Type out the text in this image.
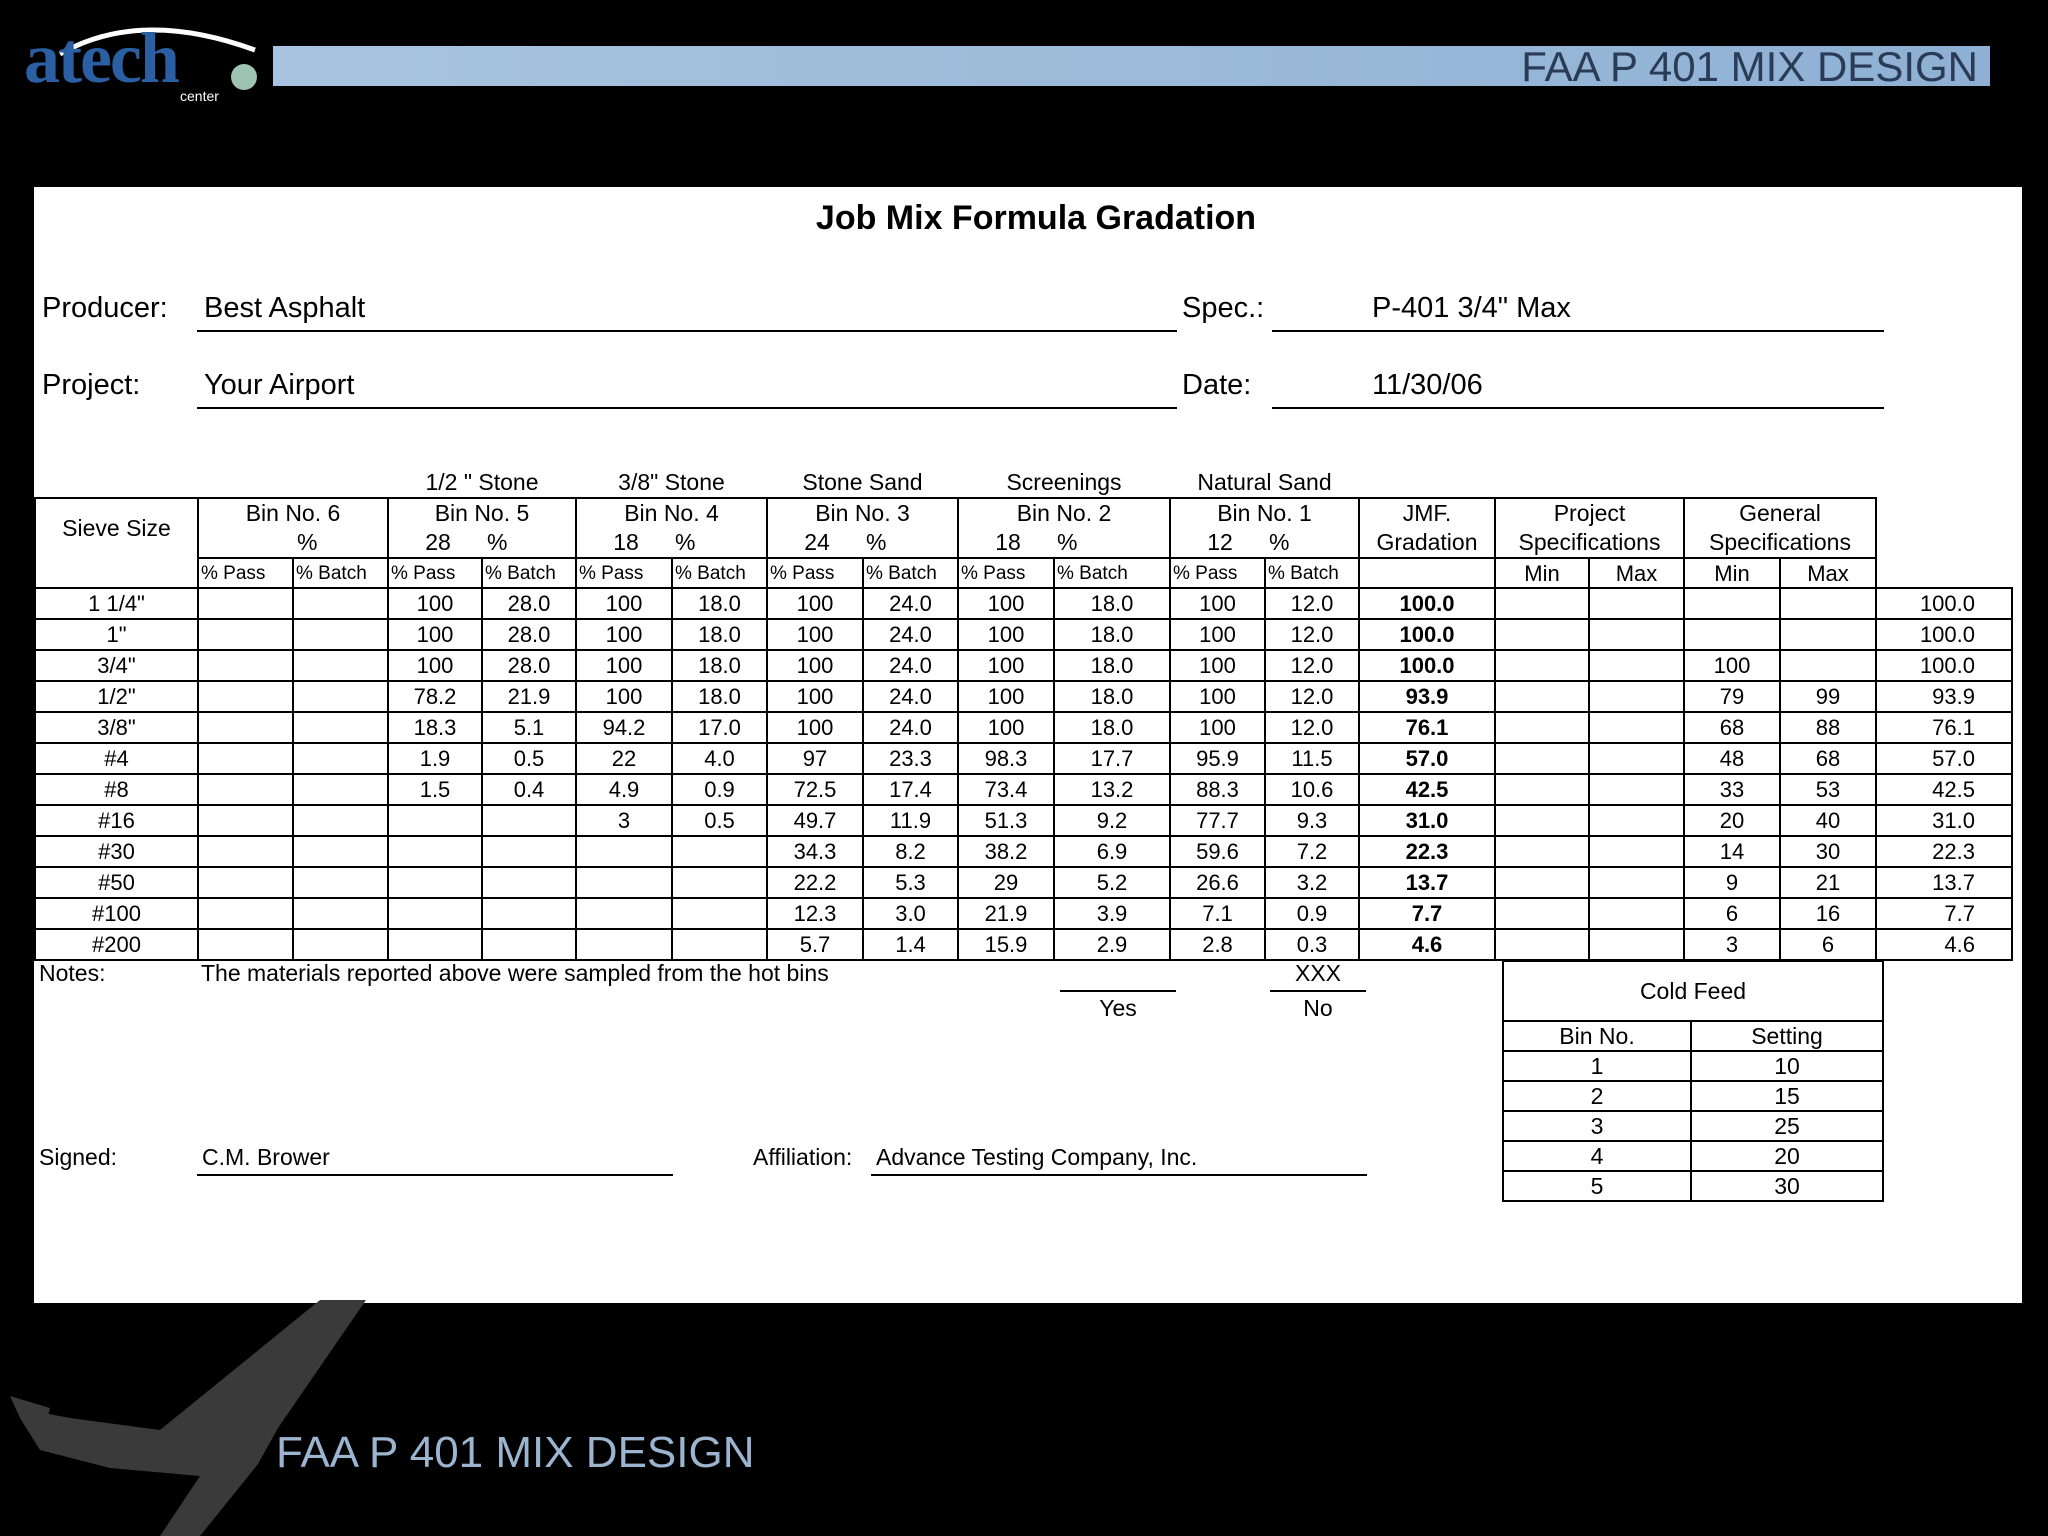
atech center
FAA P 401 MIX DESIGN
Job Mix Formula Gradation
Producer: Best Asphalt	Spec.:	P-401 3/4" Max
Project: Your Airport	Date:	11/30/06
			1/2 " Stone		3/8" Stone		Stone Sand		Screenings		Natural Sand							
Sieve Size	Bin No. 6		Bin No. 5		Bin No. 4		Bin No. 3		Bin No. 2		Bin No. 1		JMF.	Project		General		
	%		28 %		18 %		24 %		18 %		12 %		Gradation	Specifications		Specifications		
	% Pass	% Batch	% Pass	% Batch	% Pass	% Batch	% Pass	% Batch	% Pass	% Batch	% Pass	% Batch		Min	Max	Min	Max	
1 1/4"			100	28.0	100	18.0	100	24.0	100	18.0	100	12.0	100.0					100.0
1"			100	28.0	100	18.0	100	24.0	100	18.0	100	12.0	100.0					100.0
3/4"			100	28.0	100	18.0	100	24.0	100	18.0	100	12.0	100.0			100		100.0
1/2"			78.2	21.9	100	18.0	100	24.0	100	18.0	100	12.0	93.9			79	99	93.9
3/8"			18.3	5.1	94.2	17.0	100	24.0	100	18.0	100	12.0	76.1			68	88	76.1
#4			1.9	0.5	22	4.0	97	23.3	98.3	17.7	95.9	11.5	57.0			48	68	57.0
#8			1.5	0.4	4.9	0.9	72.5	17.4	73.4	13.2	88.3	10.6	42.5			33	53	42.5
#16					3	0.5	49.7	11.9	51.3	9.2	77.7	9.3	31.0			20	40	31.0
#30							34.3	8.2	38.2	6.9	59.6	7.2	22.3			14	30	22.3
#50							22.2	5.3	29	5.2	26.6	3.2	13.7			9	21	13.7
#100							12.3	3.0	21.9	3.9	7.1	0.9	7.7			6	16	7.7
#200							5.7	1.4	15.9	2.9	2.8	0.3	4.6			3	6	4.6
Notes:	The materials reported above were sampled from the hot bins
Yes
XXX
No
Signed:	C.M. Brower	Affiliation: Advance Testing Company, Inc.
Cold Feed	
Bin No.	Setting
1	10
2	15
3	25
4	20
5	30
FAA P 401 MIX DESIGN
